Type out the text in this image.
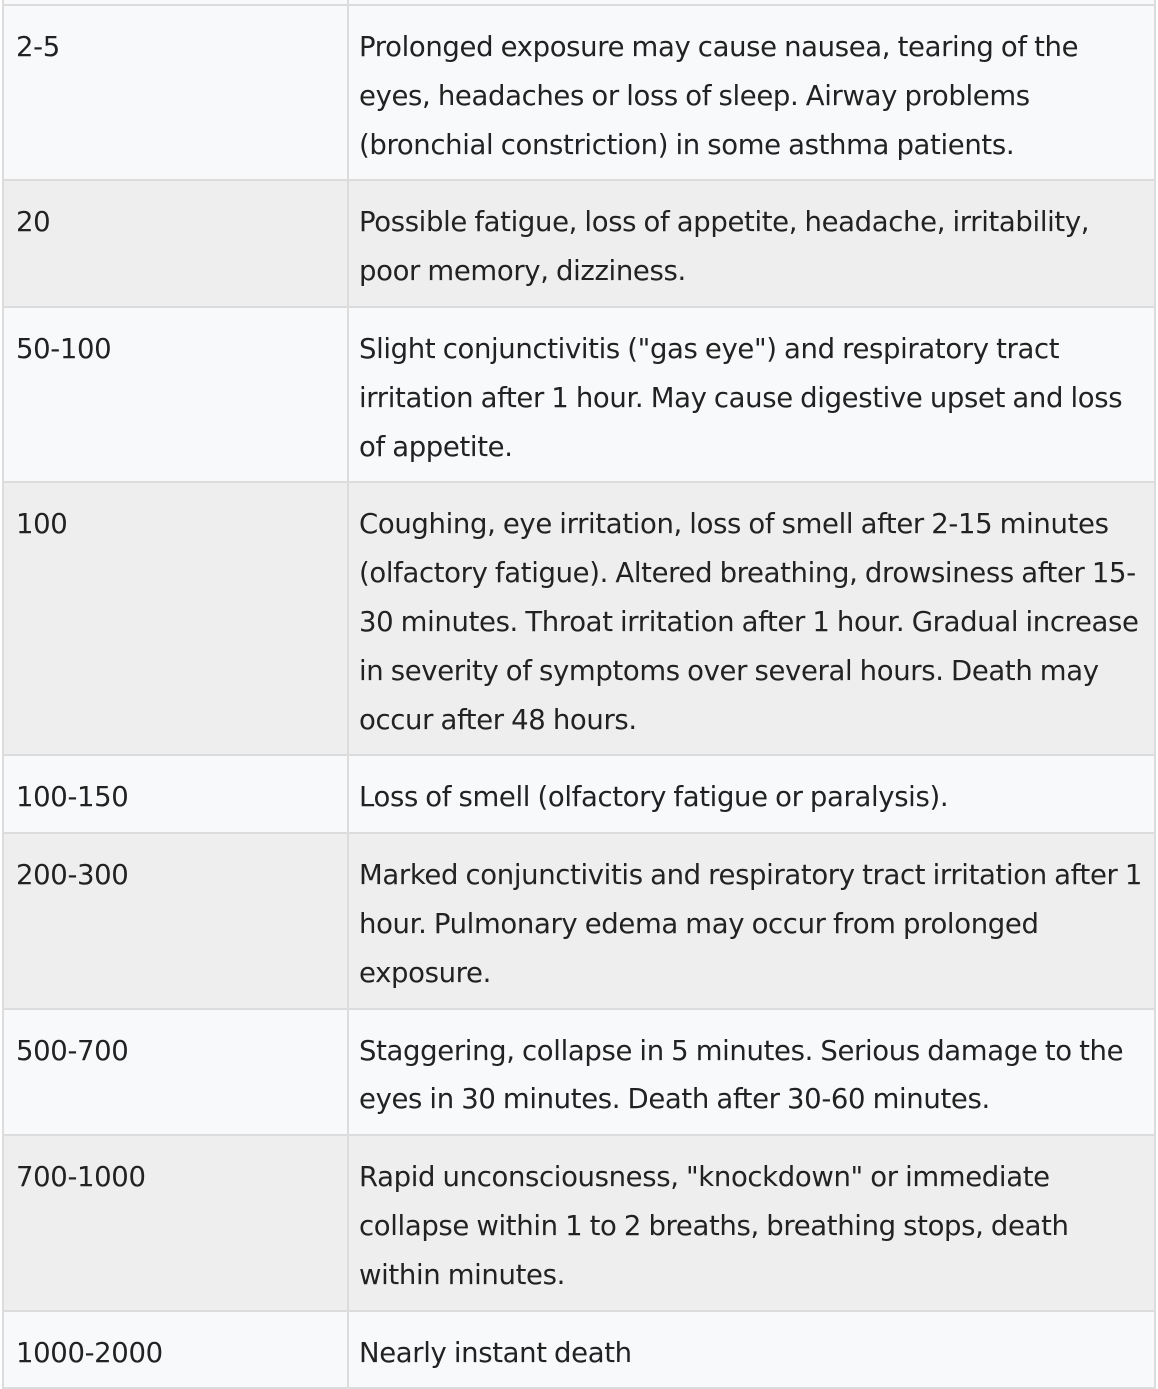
2-5	Prolonged exposure may cause nausea, tearing of the eyes, headaches or loss of sleep. Airway problems (bronchial constriction) in some asthma patients.

20	Possible fatigue, loss of appetite, headache, irritability, poor memory, dizziness.

50-100	Slight conjunctivitis ("gas eye") and respiratory tract irritation after 1 hour. May cause digestive upset and loss of appetite.

100	Coughing, eye irritation, loss of smell after 2-15 minutes (olfactory fatigue). Altered breathing, drowsiness after 15-30 minutes. Throat irritation after 1 hour. Gradual increase in severity of symptoms over several hours. Death may occur after 48 hours.

100-150	Loss of smell (olfactory fatigue or paralysis).

200-300	Marked conjunctivitis and respiratory tract irritation after 1 hour. Pulmonary edema may occur from prolonged exposure.

500-700	Staggering, collapse in 5 minutes. Serious damage to the eyes in 30 minutes. Death after 30-60 minutes.

700-1000	Rapid unconsciousness, "knockdown" or immediate collapse within 1 to 2 breaths, breathing stops, death within minutes.

1000-2000	Nearly instant death
